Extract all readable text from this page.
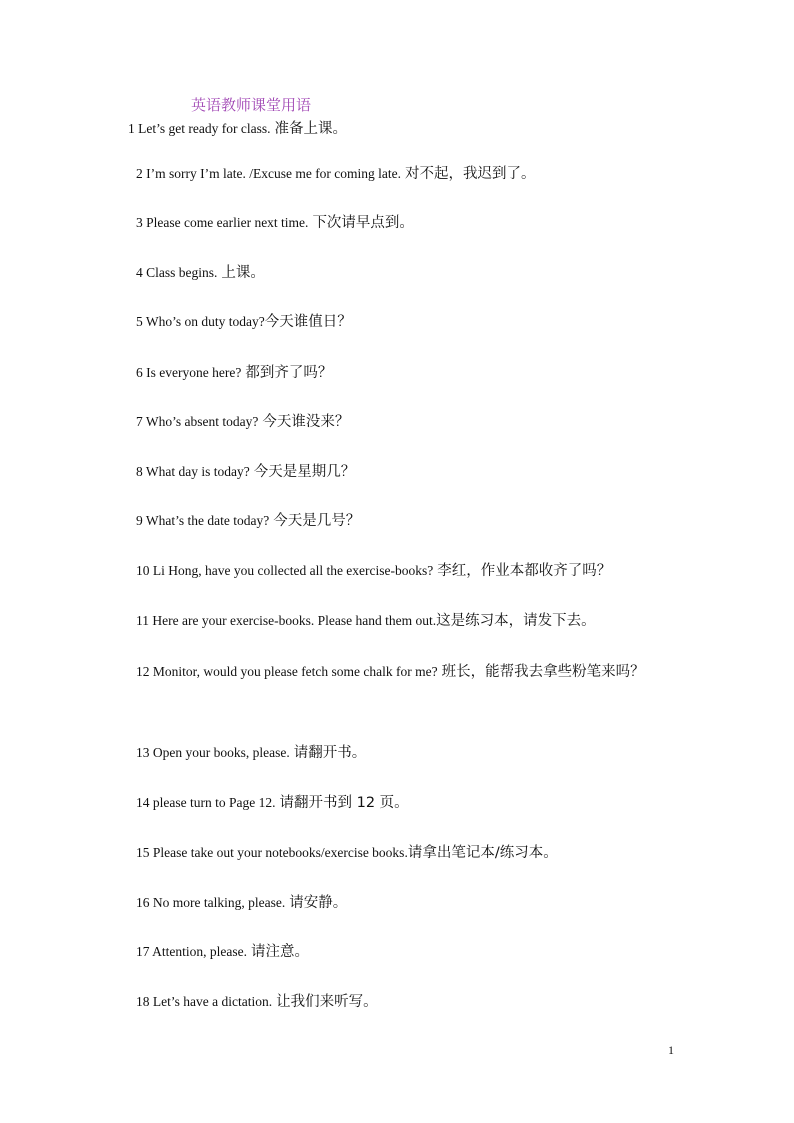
英语教师课堂用语
1 Let’s get ready for class. 准备上课。
2 I’m sorry I’m late. /Excuse me for coming late. 对不起，我迟到了。
3 Please come earlier next time. 下次请早点到。
4 Class begins. 上课。
5 Who’s on duty today?今天谁值日？
6 Is everyone here? 都到齐了吗？
7 Who’s absent today? 今天谁没来？
8 What day is today? 今天是星期几？
9 What’s the date today? 今天是几号？
10 Li Hong, have you collected all the exercise-books? 李红，作业本都收齐了吗？
11 Here are your exercise-books. Please hand them out.这是练习本，请发下去。
12 Monitor, would you please fetch some chalk for me? 班长，能帮我去拿些粉笔来吗？
13 Open your books, please. 请翻开书。
14 please turn to Page 12. 请翻开书到 12 页。
15 Please take out your notebooks/exercise books.请拿出笔记本/练习本。
16 No more talking, please. 请安静。
17 Attention, please. 请注意。
18 Let’s have a dictation. 让我们来听写。
1
